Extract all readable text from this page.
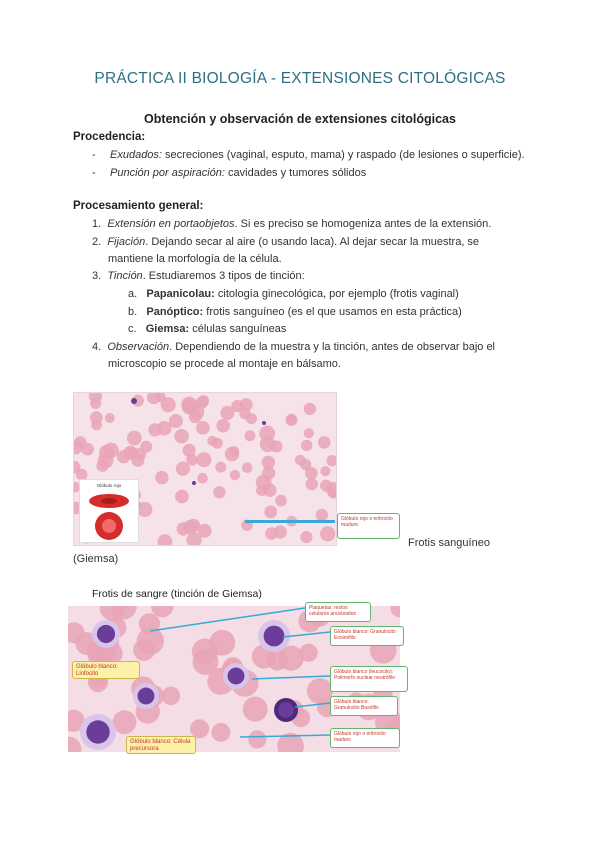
PRÁCTICA II BIOLOGÍA - EXTENSIONES CITOLÓGICAS
Obtención y observación de extensiones citológicas
Procedencia:
- Exudados: secreciones (vaginal, esputo, mama) y raspado (de lesiones o superficie).
- Punción por aspiración: cavidades y tumores sólidos
Procesamiento general:
1. Extensión en portaobjetos. Si es preciso se homogeniza antes de la extensión.
2. Fijación. Dejando secar al aire (o usando laca). Al dejar secar la muestra, se
mantiene la morfología de la célula.
3. Tinción. Estudiaremos 3 tipos de tinción:
a. Papanicolau: citología ginecológica, por ejemplo (frotis vaginal)
b. Panóptico: frotis sanguíneo (es el que usamos en esta práctica)
c. Giemsa: células sanguíneas
4. Observación. Dependiendo de la muestra y la tinción, antes de observar bajo el
microscopio se procede al montaje en bálsamo.
Glóbulo rojo
Glóbulo rojo o eritrocito maduro
Frotis sanguíneo
(Giemsa)
Frotis de sangre (tinción de Giemsa)
Plaquetas: restos celulares anucleados
Glóbulo blanco: Granulocito Eosinófilo
Glóbulo blanco: Linfocito	Glóbulo blanco (leucocito): Polimorfo nuclear neutrófilo
Glóbulo blanco: Granulocito Basófilo
Glóbulo rojo o eritrocito maduro
Glóbulo blanco: Célula precursora
